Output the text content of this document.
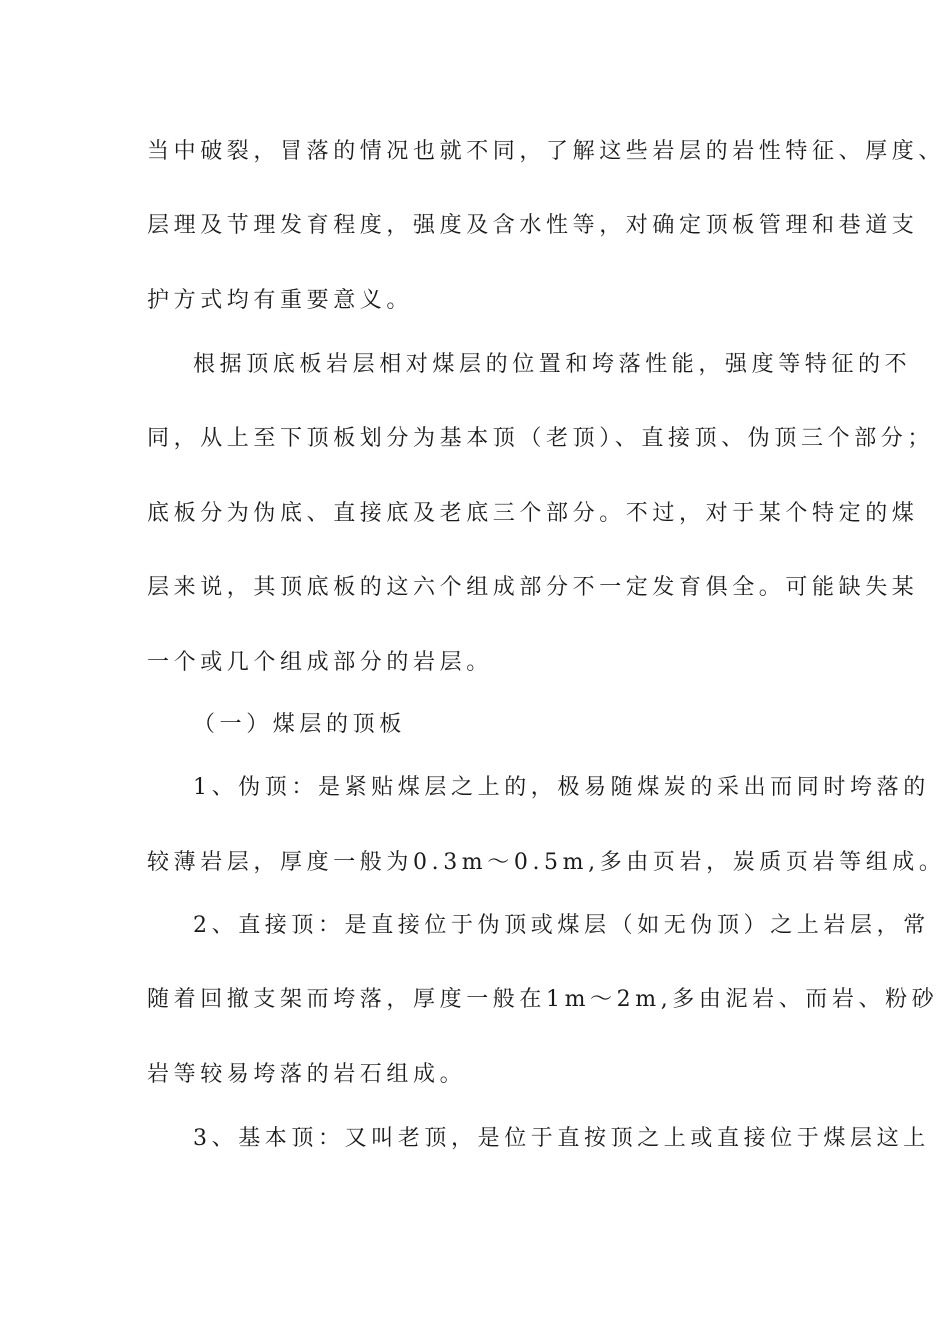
当中破裂，冒落的情况也就不同，了解这些岩层的岩性特征、厚度、
层理及节理发育程度，强度及含水性等，对确定顶板管理和巷道支
护方式均有重要意义。
根据顶底板岩层相对煤层的位置和垮落性能，强度等特征的不
同，从上至下顶板划分为基本顶（老顶）、直接顶、伪顶三个部分；
底板分为伪底、直接底及老底三个部分。不过，对于某个特定的煤
层来说，其顶底板的这六个组成部分不一定发育俱全。可能缺失某
一个或几个组成部分的岩层。
（一）煤层的顶板
1、伪顶：是紧贴煤层之上的，极易随煤炭的采出而同时垮落的
较薄岩层，厚度一般为0.3m～0.5m,多由页岩，炭质页岩等组成。
2、直接顶：是直接位于伪顶或煤层（如无伪顶）之上岩层，常
随着回撤支架而垮落，厚度一般在1m～2m,多由泥岩、而岩、粉砂
岩等较易垮落的岩石组成。
3、基本顶：又叫老顶，是位于直按顶之上或直接位于煤层这上
